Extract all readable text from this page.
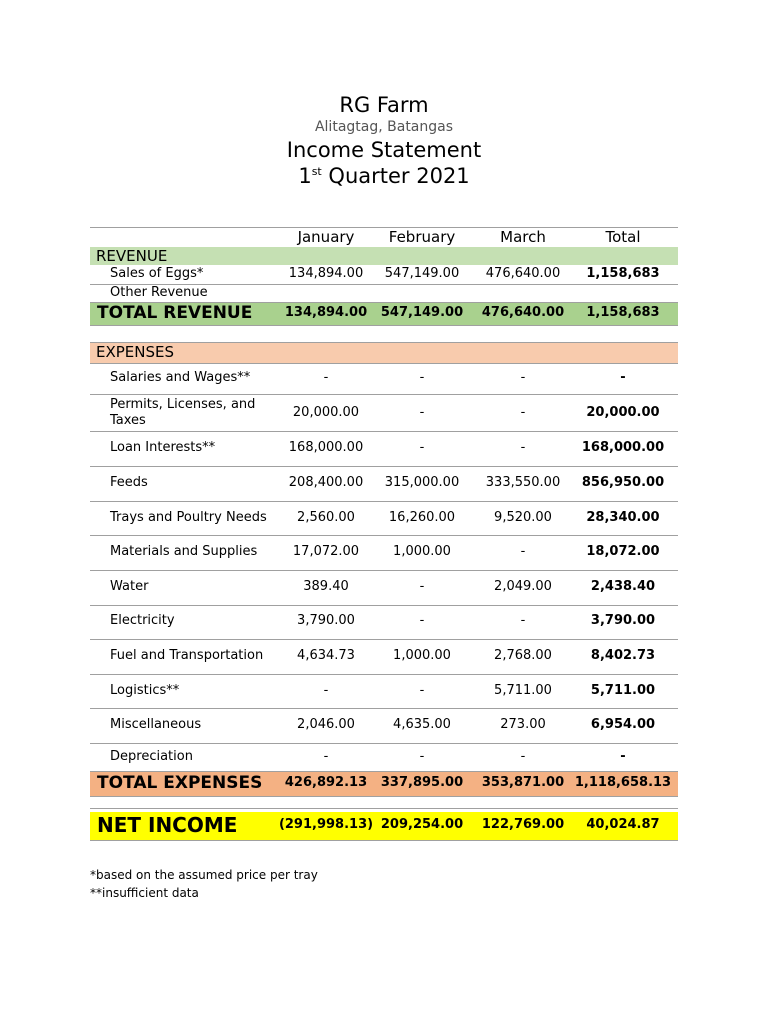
RG Farm
Alitagtag, Batangas
Income Statement
1st Quarter 2021
January	February	March	Total
REVENUE
Sales of Eggs*	134,894.00	547,149.00	476,640.00	1,158,683
Other Revenue
TOTAL REVENUE	134,894.00	547,149.00 476,640.00	1,158,683
EXPENSES
Salaries and Wages**	-	-	-	-
Permits, Licenses, and
Taxes
20,000.00	-	-	20,000.00
Loan Interests**	168,000.00	-	-	168,000.00
Feeds	208,400.00	315,000.00	333,550.00	856,950.00
Trays and Poultry Needs	2,560.00	16,260.00	9,520.00	28,340.00
Materials and Supplies	17,072.00	1,000.00	-	18,072.00
Water	389.40	-	2,049.00	2,438.40
Electricity	3,790.00	-	-	3,790.00
Fuel and Transportation	4,634.73	1,000.00	2,768.00	8,402.73
Logistics**	-	-	5,711.00	5,711.00
Miscellaneous	2,046.00	4,635.00	273.00	6,954.00
Depreciation	-	-	-	-
TOTAL EXPENSES	426,892.13	337,895.00 353,871.00 1,118,658.13
NET INCOME	(291,998.13) 209,254.00 122,769.00	40,024.87
*based on the assumed price per tray
**insufficient data
